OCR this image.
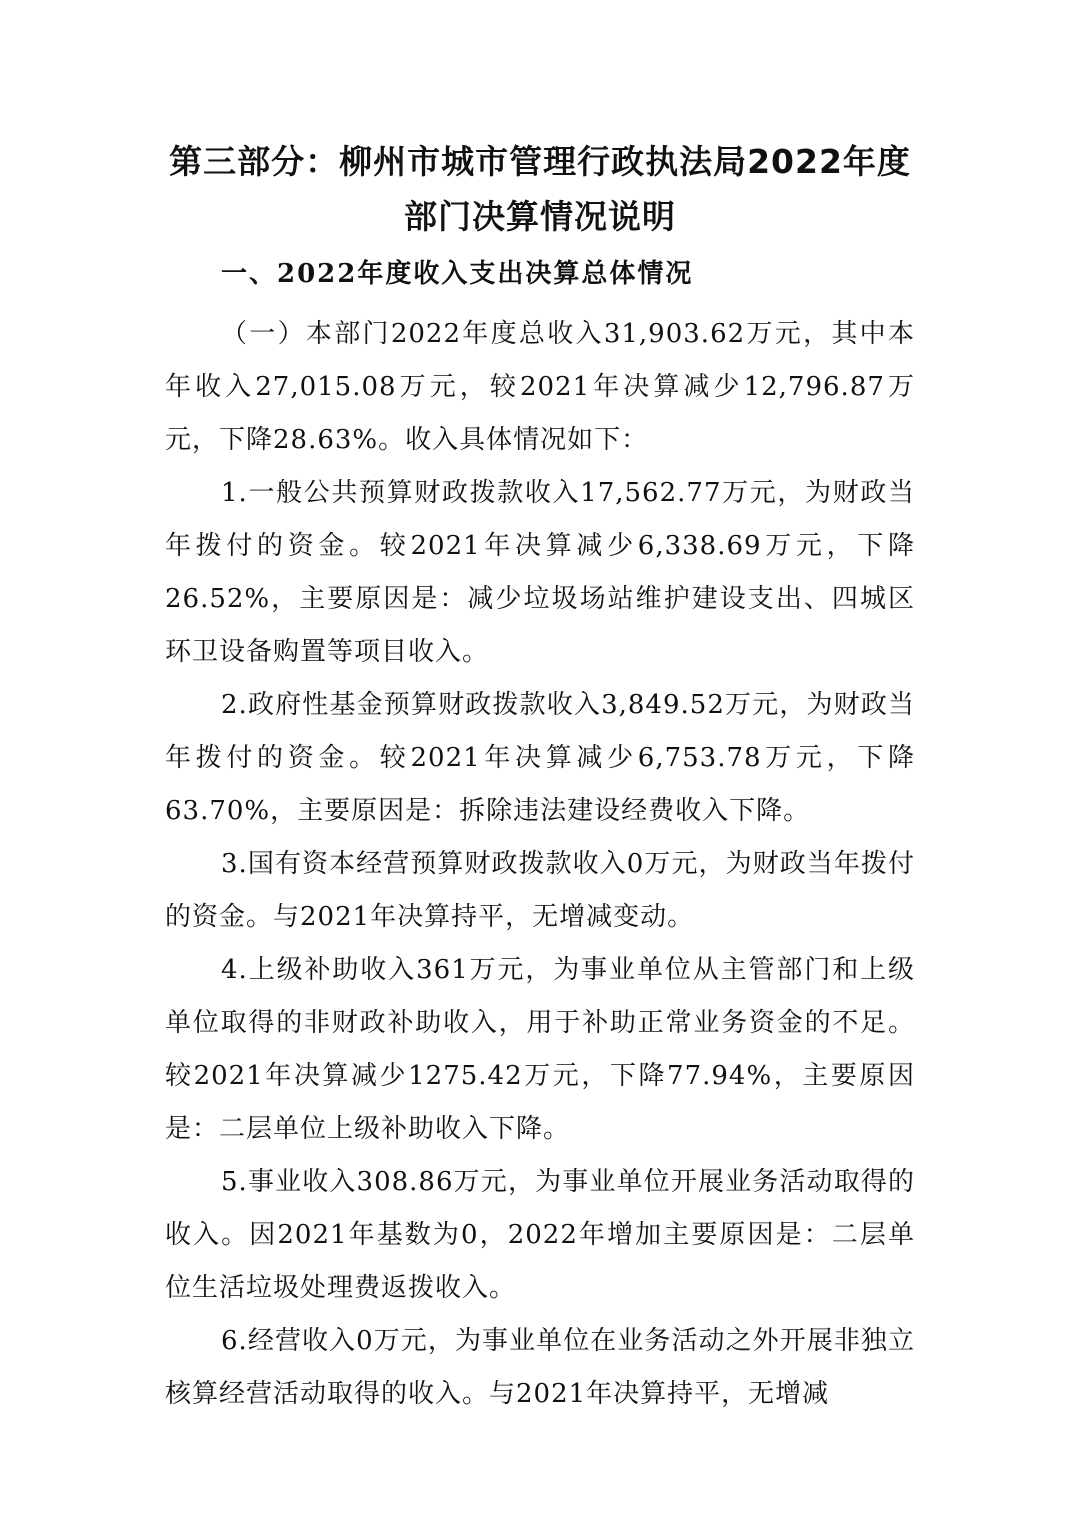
第三部分：柳州市城市管理行政执法局2022年度
部门决算情况说明
一、2022年度收入支出决算总体情况

（一）本部门2022年度总收入31,903.62万元，其中本年收入27,015.08万元，较2021年决算减少12,796.87万元，下降28.63%。收入具体情况如下：

1.一般公共预算财政拨款收入17,562.77万元，为财政当年拨付的资金。较2021年决算减少6,338.69万元，下降26.52%，主要原因是：减少垃圾场站维护建设支出、四城区环卫设备购置等项目收入。

2.政府性基金预算财政拨款收入3,849.52万元，为财政当年拨付的资金。较2021年决算减少6,753.78万元，下降63.70%，主要原因是：拆除违法建设经费收入下降。

3.国有资本经营预算财政拨款收入0万元，为财政当年拨付的资金。与2021年决算持平，无增减变动。

4.上级补助收入361万元，为事业单位从主管部门和上级单位取得的非财政补助收入，用于补助正常业务资金的不足。较2021年决算减少1275.42万元，下降77.94%，主要原因是：二层单位上级补助收入下降。

5.事业收入308.86万元，为事业单位开展业务活动取得的收入。因2021年基数为0，2022年增加主要原因是：二层单位生活垃圾处理费返拨收入。

6.经营收入0万元，为事业单位在业务活动之外开展非独立核算经营活动取得的收入。与2021年决算持平，无增减
